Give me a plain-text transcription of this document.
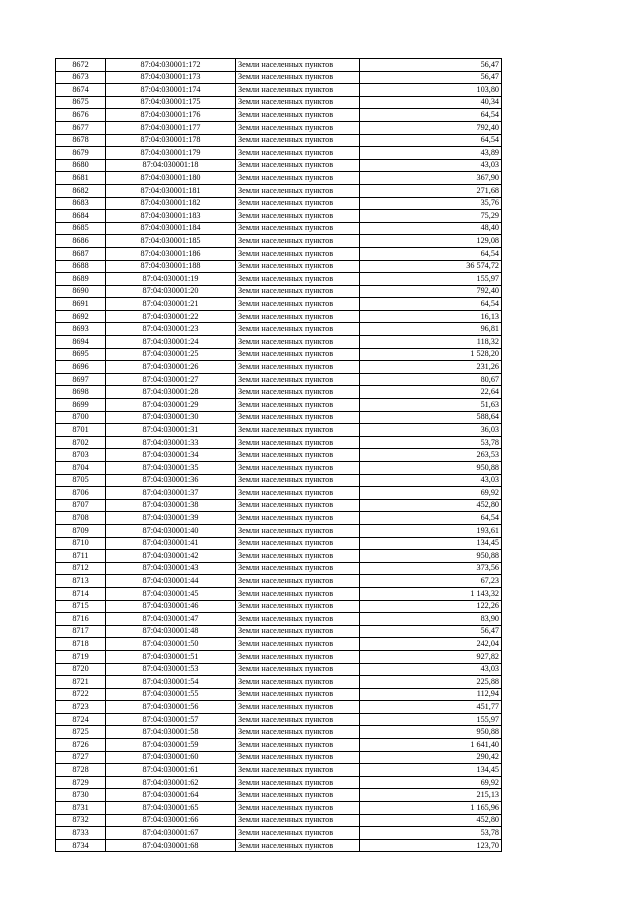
8672	87:04:030001:172	Земли населенных пунктов	56,47
8673	87:04:030001:173	Земли населенных пунктов	56,47
8674	87:04:030001:174	Земли населенных пунктов	103,80
8675	87:04:030001:175	Земли населенных пунктов	40,34
8676	87:04:030001:176	Земли населенных пунктов	64,54
8677	87:04:030001:177	Земли населенных пунктов	792,40
8678	87:04:030001:178	Земли населенных пунктов	64,54
8679	87:04:030001:179	Земли населенных пунктов	43,89
8680	87:04:030001:18	Земли населенных пунктов	43,03
8681	87:04:030001:180	Земли населенных пунктов	367,90
8682	87:04:030001:181	Земли населенных пунктов	271,68
8683	87:04:030001:182	Земли населенных пунктов	35,76
8684	87:04:030001:183	Земли населенных пунктов	75,29
8685	87:04:030001:184	Земли населенных пунктов	48,40
8686	87:04:030001:185	Земли населенных пунктов	129,08
8687	87:04:030001:186	Земли населенных пунктов	64,54
8688	87:04:030001:188	Земли населенных пунктов	36 574,72
8689	87:04:030001:19	Земли населенных пунктов	155,97
8690	87:04:030001:20	Земли населенных пунктов	792,40
8691	87:04:030001:21	Земли населенных пунктов	64,54
8692	87:04:030001:22	Земли населенных пунктов	16,13
8693	87:04:030001:23	Земли населенных пунктов	96,81
8694	87:04:030001:24	Земли населенных пунктов	118,32
8695	87:04:030001:25	Земли населенных пунктов	1 528,20
8696	87:04:030001:26	Земли населенных пунктов	231,26
8697	87:04:030001:27	Земли населенных пунктов	80,67
8698	87:04:030001:28	Земли населенных пунктов	22,64
8699	87:04:030001:29	Земли населенных пунктов	51,63
8700	87:04:030001:30	Земли населенных пунктов	588,64
8701	87:04:030001:31	Земли населенных пунктов	36,03
8702	87:04:030001:33	Земли населенных пунктов	53,78
8703	87:04:030001:34	Земли населенных пунктов	263,53
8704	87:04:030001:35	Земли населенных пунктов	950,88
8705	87:04:030001:36	Земли населенных пунктов	43,03
8706	87:04:030001:37	Земли населенных пунктов	69,92
8707	87:04:030001:38	Земли населенных пунктов	452,80
8708	87:04:030001:39	Земли населенных пунктов	64,54
8709	87:04:030001:40	Земли населенных пунктов	193,61
8710	87:04:030001:41	Земли населенных пунктов	134,45
8711	87:04:030001:42	Земли населенных пунктов	950,88
8712	87:04:030001:43	Земли населенных пунктов	373,56
8713	87:04:030001:44	Земли населенных пунктов	67,23
8714	87:04:030001:45	Земли населенных пунктов	1 143,32
8715	87:04:030001:46	Земли населенных пунктов	122,26
8716	87:04:030001:47	Земли населенных пунктов	83,90
8717	87:04:030001:48	Земли населенных пунктов	56,47
8718	87:04:030001:50	Земли населенных пунктов	242,04
8719	87:04:030001:51	Земли населенных пунктов	927,82
8720	87:04:030001:53	Земли населенных пунктов	43,03
8721	87:04:030001:54	Земли населенных пунктов	225,88
8722	87:04:030001:55	Земли населенных пунктов	112,94
8723	87:04:030001:56	Земли населенных пунктов	451,77
8724	87:04:030001:57	Земли населенных пунктов	155,97
8725	87:04:030001:58	Земли населенных пунктов	950,88
8726	87:04:030001:59	Земли населенных пунктов	1 641,40
8727	87:04:030001:60	Земли населенных пунктов	290,42
8728	87:04:030001:61	Земли населенных пунктов	134,45
8729	87:04:030001:62	Земли населенных пунктов	69,92
8730	87:04:030001:64	Земли населенных пунктов	215,13
8731	87:04:030001:65	Земли населенных пунктов	1 165,96
8732	87:04:030001:66	Земли населенных пунктов	452,80
8733	87:04:030001:67	Земли населенных пунктов	53,78
8734	87:04:030001:68	Земли населенных пунктов	123,70
